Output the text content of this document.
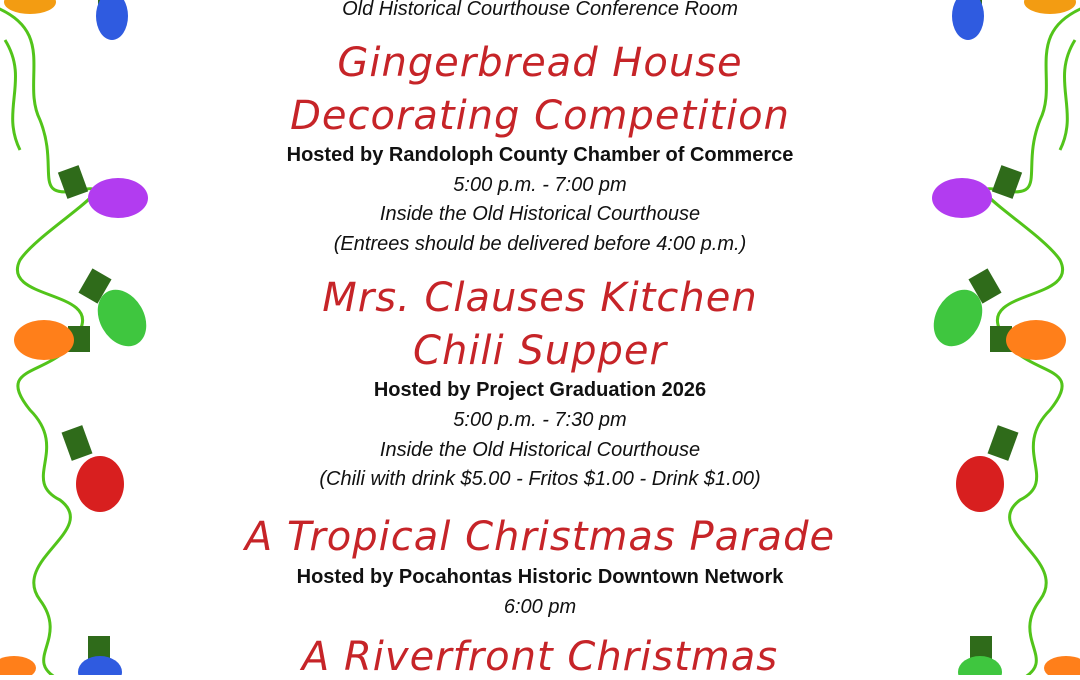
Old Historical Courthouse Conference Room
Gingerbread House
Decorating Competition
Hosted by Randoloph County Chamber of Commerce
5:00 p.m. - 7:00 pm
Inside the Old Historical Courthouse
(Entrees should be delivered before 4:00 p.m.)
Mrs. Clauses Kitchen
Chili Supper
Hosted by Project Graduation 2026
5:00 p.m. - 7:30 pm
Inside the Old Historical Courthouse
(Chili with drink $5.00 - Fritos $1.00 - Drink $1.00)
A Tropical Christmas Parade
Hosted by Pocahontas Historic Downtown Network
6:00 pm
A Riverfront Christmas
